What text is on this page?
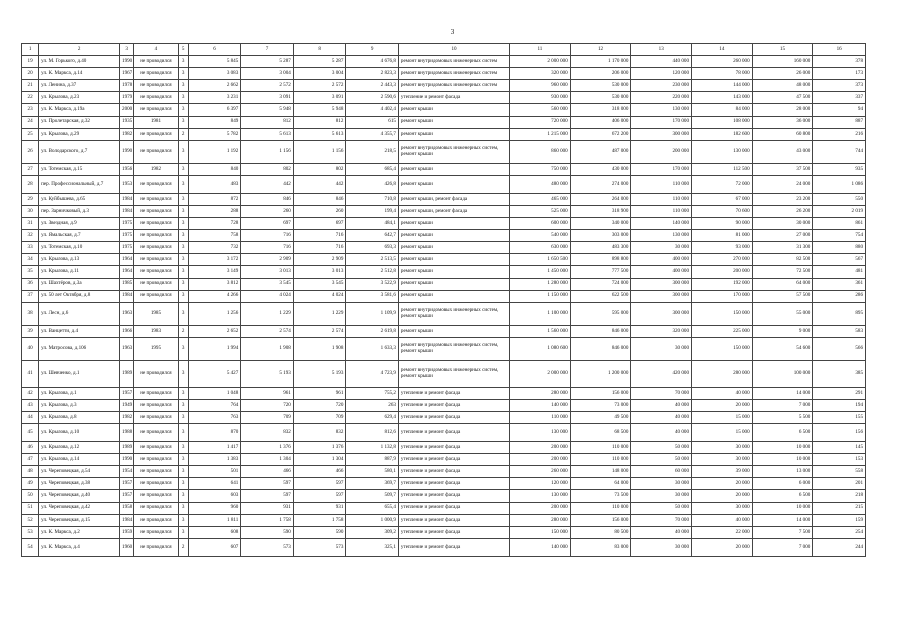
3
1	2	3	4	5	6	7	8	9	10	11	12	13	14	15	16
19	ул. М. Горького, д.40	1990	не проводился	3	5 845	5 287	5 287	4 676,8	ремонт внутридомовых инженерных систем	2 000 000	1 170 000	440 000	260 000	160 000	378
20	ул. К. Маркса, д.14	1967	не проводился	3	3 083	3 004	3 004	2 823,3	ремонт внутридомовых инженерных систем	320 000	206 000	120 000	78 000	26 000	173
21	ул. Ленина, д.37	1978	не проводился	3	2 662	2 572	2 572	2 443,3	ремонт внутридомовых инженерных систем	960 000	530 000	230 000	144 000	48 000	373
22	ул. Крылова, д.23	1979	не проводился	3	3 231	3 091	3 091	2 590,6	утепление и ремонт фасада	930 000	530 000	220 000	143 000	47 500	337
23	ул. К. Маркса, д.19а	2000	не проводился	3	6 397	5 948	5 948	4 402,4	ремонт крыши	560 000	318 000	130 000	84 000	28 000	94
24	ул. Пролетарская, д.32	1935	1981	3	849	812	812	615	ремонт крыши	720 000	406 000	170 000	108 000	36 000	887
25	ул. Крылова, д.29	1982	не проводился	2	5 782	5 613	5 613	4 355,7	ремонт крыши	1 215 000	672 200	300 000	182 600	60 800	216
26	ул. Володарского, д.7	1990	не проводился	3	1 192	1 156	1 156	218,5	ремонт внутридомовых инженерных систем, ремонт крыши	860 000	487 000	200 000	130 000	43 000	744
27	ул. Тотемская, д.15	1956	1982	3	840	802	802	685,4	ремонт крыши	750 000	430 000	170 000	112 500	37 500	935
28	пер. Профессиональный, д.7	1953	не проводился	3	483	442	442	426,8	ремонт крыши	480 000	274 000	110 000	72 000	24 000	1 086
29	ул. Куйбышева, д.65	1984	не проводился	3	872	846	846	710,8	ремонт крыши, ремонт фасада	465 000	264 000	110 000	67 000	23 200	550
30	пер. Зарничковый, д.3	1984	не проводился	3	288	260	260	199,4	ремонт крыши, ремонт фасада	525 000	318 900	110 000	70 600	26 200	2 019
31	ул. Звездная, д.9	1975	не проводился	3	728	697	697	484,1	ремонт крыши	600 000	340 000	140 000	90 000	30 000	861
32	ул. Ямальская, д.7	1975	не проводился	3	758	716	716	642,7	ремонт крыши	540 000	303 000	130 000	81 000	27 000	754
33	ул. Тотемская, д.10	1975	не проводился	3	732	716	716	693,3	ремонт крыши	630 000	483 300	30 000	93 000	31 300	880
34	ул. Крылова, д.13	1964	не проводился	3	3 172	2 909	2 909	2 513,5	ремонт крыши	1 650 500	898 800	400 000	270 000	82 500	567
35	ул. Крылова, д.11	1964	не проводился	3	3 149	3 013	3 013	2 512,8	ремонт крыши	1 450 000	777 500	400 000	200 000	72 500	481
36	ул. Шахтёров, д.3а	1985	не проводился	3	3 812	3 545	3 545	3 522,9	ремонт крыши	1 280 000	724 000	300 000	192 000	64 000	361
37	ул. 50 лет Октября, д.8	1984	не проводился	3	4 266	4 024	4 024	3 581,6	ремонт крыши	1 150 000	622 500	300 000	170 000	57 500	286
38	ул. Лесн, д.6	1963	1985	3	1 256	1 229	1 229	1 109,9	ремонт внутридомовых инженерных систем, ремонт крыши	1 100 000	595 000	300 000	150 000	55 000	895
39	ул. Ванцетти, д.4	1966	1983	2	2 652	2 574	2 574	2 619,8	ремонт крыши	1 560 000	846 000	320 000	225 000	9 000	583
40	ул. Матросова, д.106	1963	1995	3	1 994	1 908	1 908	1 633,3	ремонт внутридомовых инженерных систем, ремонт крыши	1 080 600	846 000	30 000	150 000	54 600	566
41	ул. Шевченко, д.1	1989	не проводился	3	5 427	5 193	5 193	4 723,9	ремонт внутридомовых инженерных систем, ремонт крыши	2 000 000	1 200 000	420 000	280 000	100 000	385
42	ул. Крылова, д.1	1957	не проводился	3	1 048	961	961	755,2	утепление и ремонт фасада	280 000	156 000	70 000	40 000	14 000	291
43	ул. Крылова, д.3	1949	не проводился	3	764	720	720	263	утепление и ремонт фасада	140 000	73 000	40 000	20 000	7 000	194
44	ул. Крылова, д.8	1982	не проводился	3	763	709	709	629,4	утепление и ремонт фасада	110 000	49 500	40 000	15 000	5 500	155
45	ул. Крылова, д.10	1988	не проводился	3	870	832	832	812,6	утепление и ремонт фасада	130 000	68 500	40 000	15 000	6 500	156
46	ул. Крылова, д.12	1989	не проводился	3	1 417	1 376	1 376	1 132,8	утепление и ремонт фасада	200 000	110 000	50 000	30 000	10 000	145
47	ул. Крылова, д.14	1990	не проводился	3	1 383	1 304	1 304	887,9	утепление и ремонт фасада	200 000	110 000	50 000	30 000	10 000	153
48	ул. Череповецкая, д.54	1954	не проводился	3	501	466	466	580,1	утепление и ремонт фасада	260 000	148 000	60 000	39 000	13 000	558
49	ул. Череповецкая, д.38	1957	не проводился	3	641	597	597	369,7	утепление и ремонт фасада	120 000	64 000	30 000	20 000	6 000	201
50	ул. Череповецкая, д.40	1957	не проводился	3	603	597	597	509,7	утепление и ремонт фасада	130 000	73 500	30 000	20 000	6 500	218
51	ул. Череповецкая, д.42	1958	не проводился	3	960	931	931	655,4	утепление и ремонт фасада	200 000	110 000	50 000	30 000	10 000	215
52	ул. Череповецкая, д.15	1984	не проводился	3	1 811	1 758	1 758	1 000,9	утепление и ремонт фасада	280 000	156 000	70 000	40 000	14 000	159
53	ул. К. Маркса, д.2	1959	не проводился	3	608	590	590	309,2	утепление и ремонт фасада	150 000	80 500	40 000	22 000	7 500	254
54	ул. К. Маркса, д.4	1960	не проводился	2	607	573	573	325,1	утепление и ремонт фасада	140 000	83 000	30 000	20 000	7 000	244
